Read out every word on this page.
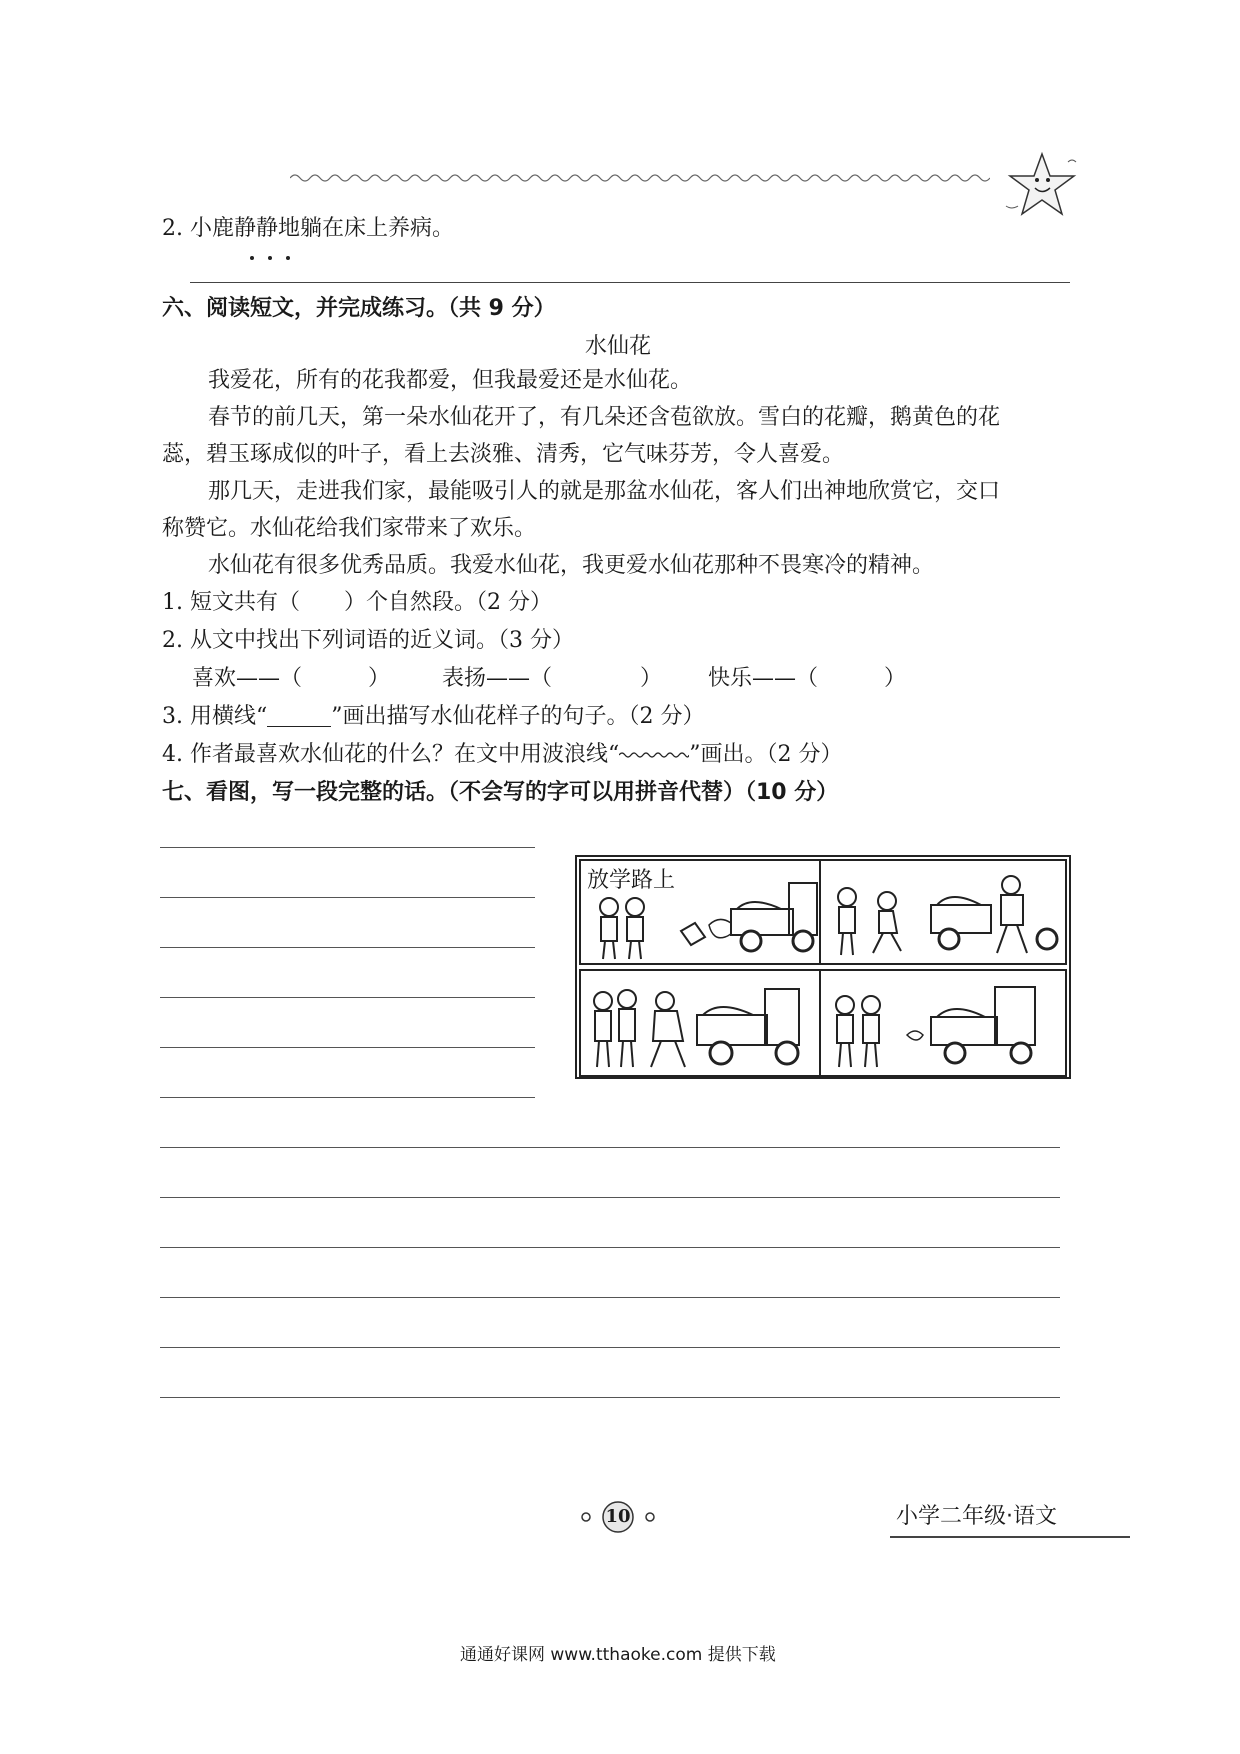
2. 小鹿静静地躺在床上养病。
六、阅读短文，并完成练习。（共 9 分）
水仙花
我爱花，所有的花我都爱，但我最爱还是水仙花。
春节的前几天，第一朵水仙花开了，有几朵还含苞欲放。雪白的花瓣，鹅黄色的花
蕊，碧玉琢成似的叶子，看上去淡雅、清秀，它气味芬芳，令人喜爱。
那几天，走进我们家，最能吸引人的就是那盆水仙花，客人们出神地欣赏它，交口
称赞它。水仙花给我们家带来了欢乐。
水仙花有很多优秀品质。我爱水仙花，我更爱水仙花那种不畏寒冷的精神。
1. 短文共有（　　）个自然段。（2 分）
2. 从文中找出下列词语的近义词。（3 分）
喜欢——（　　　） 表扬——（　　　　） 快乐——（　　　）
3. 用横线“	”画出描写水仙花样子的句子。（2 分）
4. 作者最喜欢水仙花的什么？在文中用波浪线“	”画出。（2 分）
七、看图，写一段完整的话。（不会写的字可以用拼音代替）（10 分）
放学路上
10	小学二年级·语文
通通好课网 www.tthaoke.com 提供下载
